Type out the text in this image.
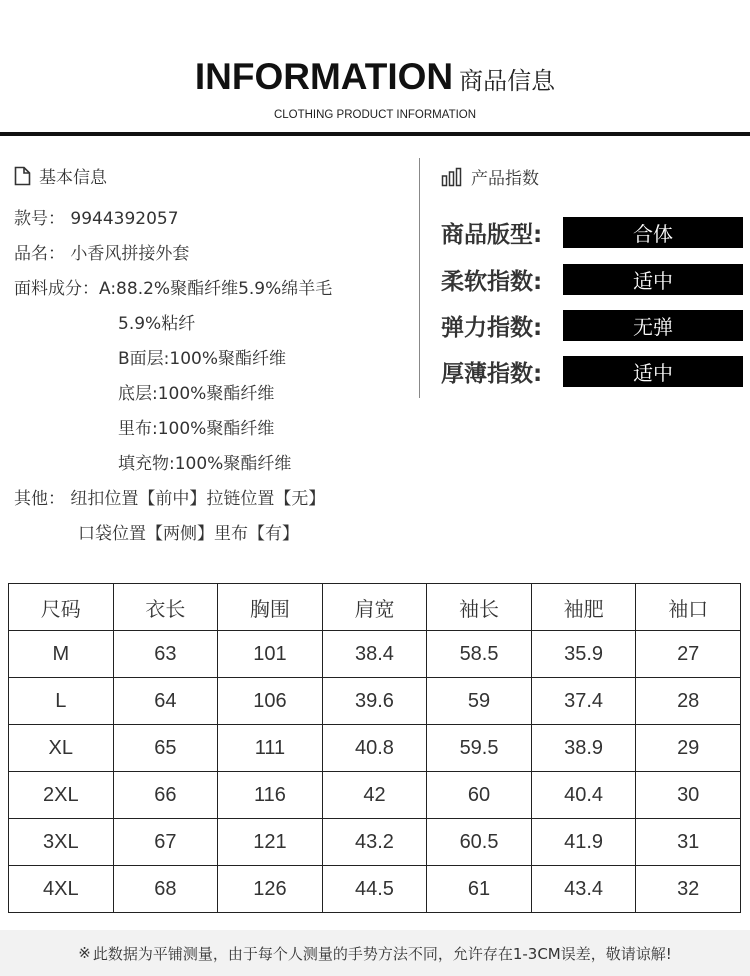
INFORMATION 商品信息
CLOTHING PRODUCT INFORMATION
基本信息
款号： 9944392057
品名： 小香风拼接外套
面料成分：A:88.2%聚酯纤维5.9%绵羊毛
5.9%粘纤
B面层:100%聚酯纤维
底层:100%聚酯纤维
里布:100%聚酯纤维
填充物:100%聚酯纤维
其他： 纽扣位置【前中】拉链位置【无】
口袋位置【两侧】里布【有】
产品指数
商品版型:	合体
柔软指数:	适中
弹力指数:	无弹
厚薄指数:	适中
尺码	衣长	胸围	肩宽	袖长	袖肥	袖口
M	63	101	38.4	58.5	35.9	27
L	64	106	39.6	59	37.4	28
XL	65	111	40.8	59.5	38.9	29
2XL	66	116	42	60	40.4	30
3XL	67	121	43.2	60.5	41.9	31
4XL	68	126	44.5	61	43.4	32
※ 此数据为平铺测量，由于每个人测量的手势方法不同，允许存在1-3CM误差，敬请谅解!
